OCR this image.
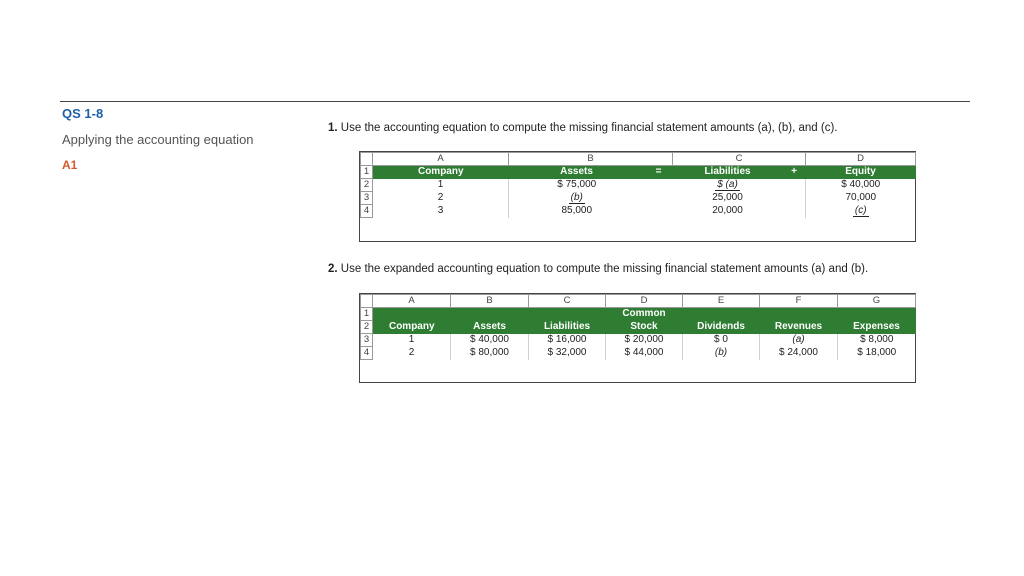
QS 1-8
Applying the accounting equation
A1
1. Use the accounting equation to compute the missing financial statement amounts (a), (b), and (c).
	A	B		C		D
1	Company	Assets	=	Liabilities	+	Equity
2	1	$ 75,000		$ (a)		$ 40,000
3	2	(b)		25,000		70,000
4	3	85,000		20,000		(c)
2. Use the expanded accounting equation to compute the missing financial statement amounts (a) and (b).
	A	B	C	D	E	F	G
1				Common			
2	Company	Assets	Liabilities	Stock	Dividends	Revenues	Expenses
3	1	$ 40,000	$ 16,000	$ 20,000	$ 0	(a)	$ 8,000
4	2	$ 80,000	$ 32,000	$ 44,000	(b)	$ 24,000	$ 18,000
